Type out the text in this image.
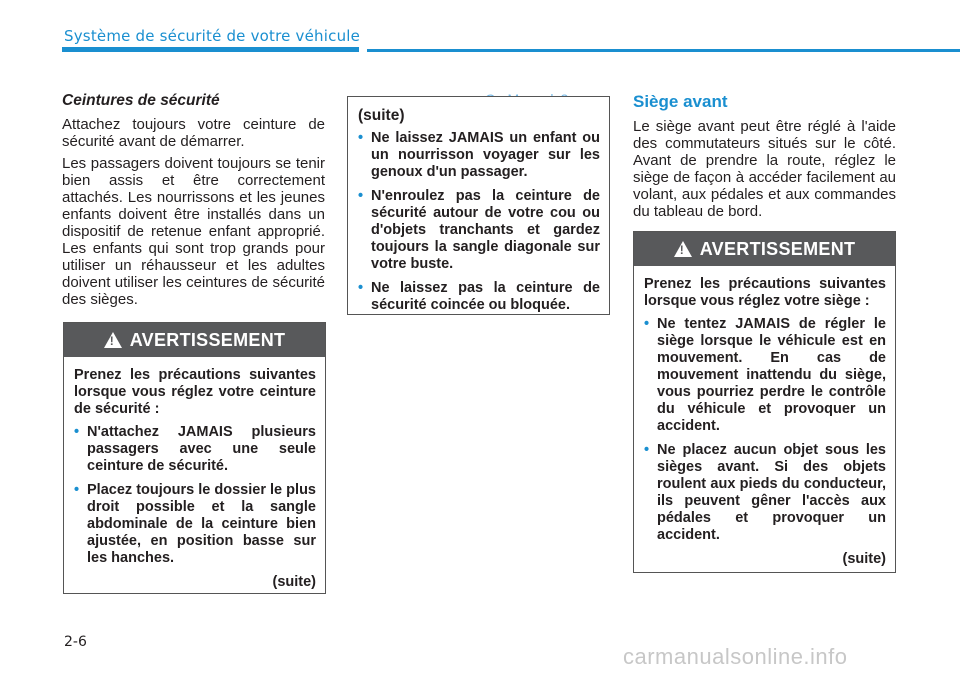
Système de sécurité de votre véhicule
Ceintures de sécurité

Attachez toujours votre ceinture de sécurité avant de démarrer.

Les passagers doivent toujours se tenir bien assis et être correctement attachés. Les nourrissons et les jeunes enfants doivent être installés dans un dispositif de retenue enfant approprié. Les enfants qui sont trop grands pour utiliser un réhausseur et les adultes doivent utiliser les ceintures de sécurité des sièges.

!
AVERTISSEMENT

Prenez les précautions suivantes lorsque vous réglez votre ceinture de sécurité :

• N'attachez JAMAIS plusieurs passagers avec une seule ceinture de sécurité.
• Placez toujours le dossier le plus droit possible et la sangle abdominale de la ceinture bien ajustée, en position basse sur les hanches.
(suite)
(suite)
• Ne laissez JAMAIS un enfant ou un nourrisson voyager sur les genoux d'un passager.
• N'enroulez pas la ceinture de sécurité autour de votre cou ou d'objets tranchants et gardez toujours la sangle diagonale sur votre buste.
• Ne laissez pas la ceinture de sécurité coincée ou bloquée.
Siège avant

Le siège avant peut être réglé à l'aide des commutateurs situés sur le côté. Avant de prendre la route, réglez le siège de façon à accéder facilement au volant, aux pédales et aux commandes du tableau de bord.

!
AVERTISSEMENT

Prenez les précautions suivantes lorsque vous réglez votre siège :

• Ne tentez JAMAIS de régler le siège lorsque le véhicule est en mouvement. En cas de mouvement inattendu du siège, vous pourriez perdre le contrôle du véhicule et provoquer un accident.
• Ne placez aucun objet sous les sièges avant. Si des objets roulent aux pieds du conducteur, ils peuvent gêner l'accès aux pédales et provoquer un accident.
(suite)
2-6
carmanualsonline.info
